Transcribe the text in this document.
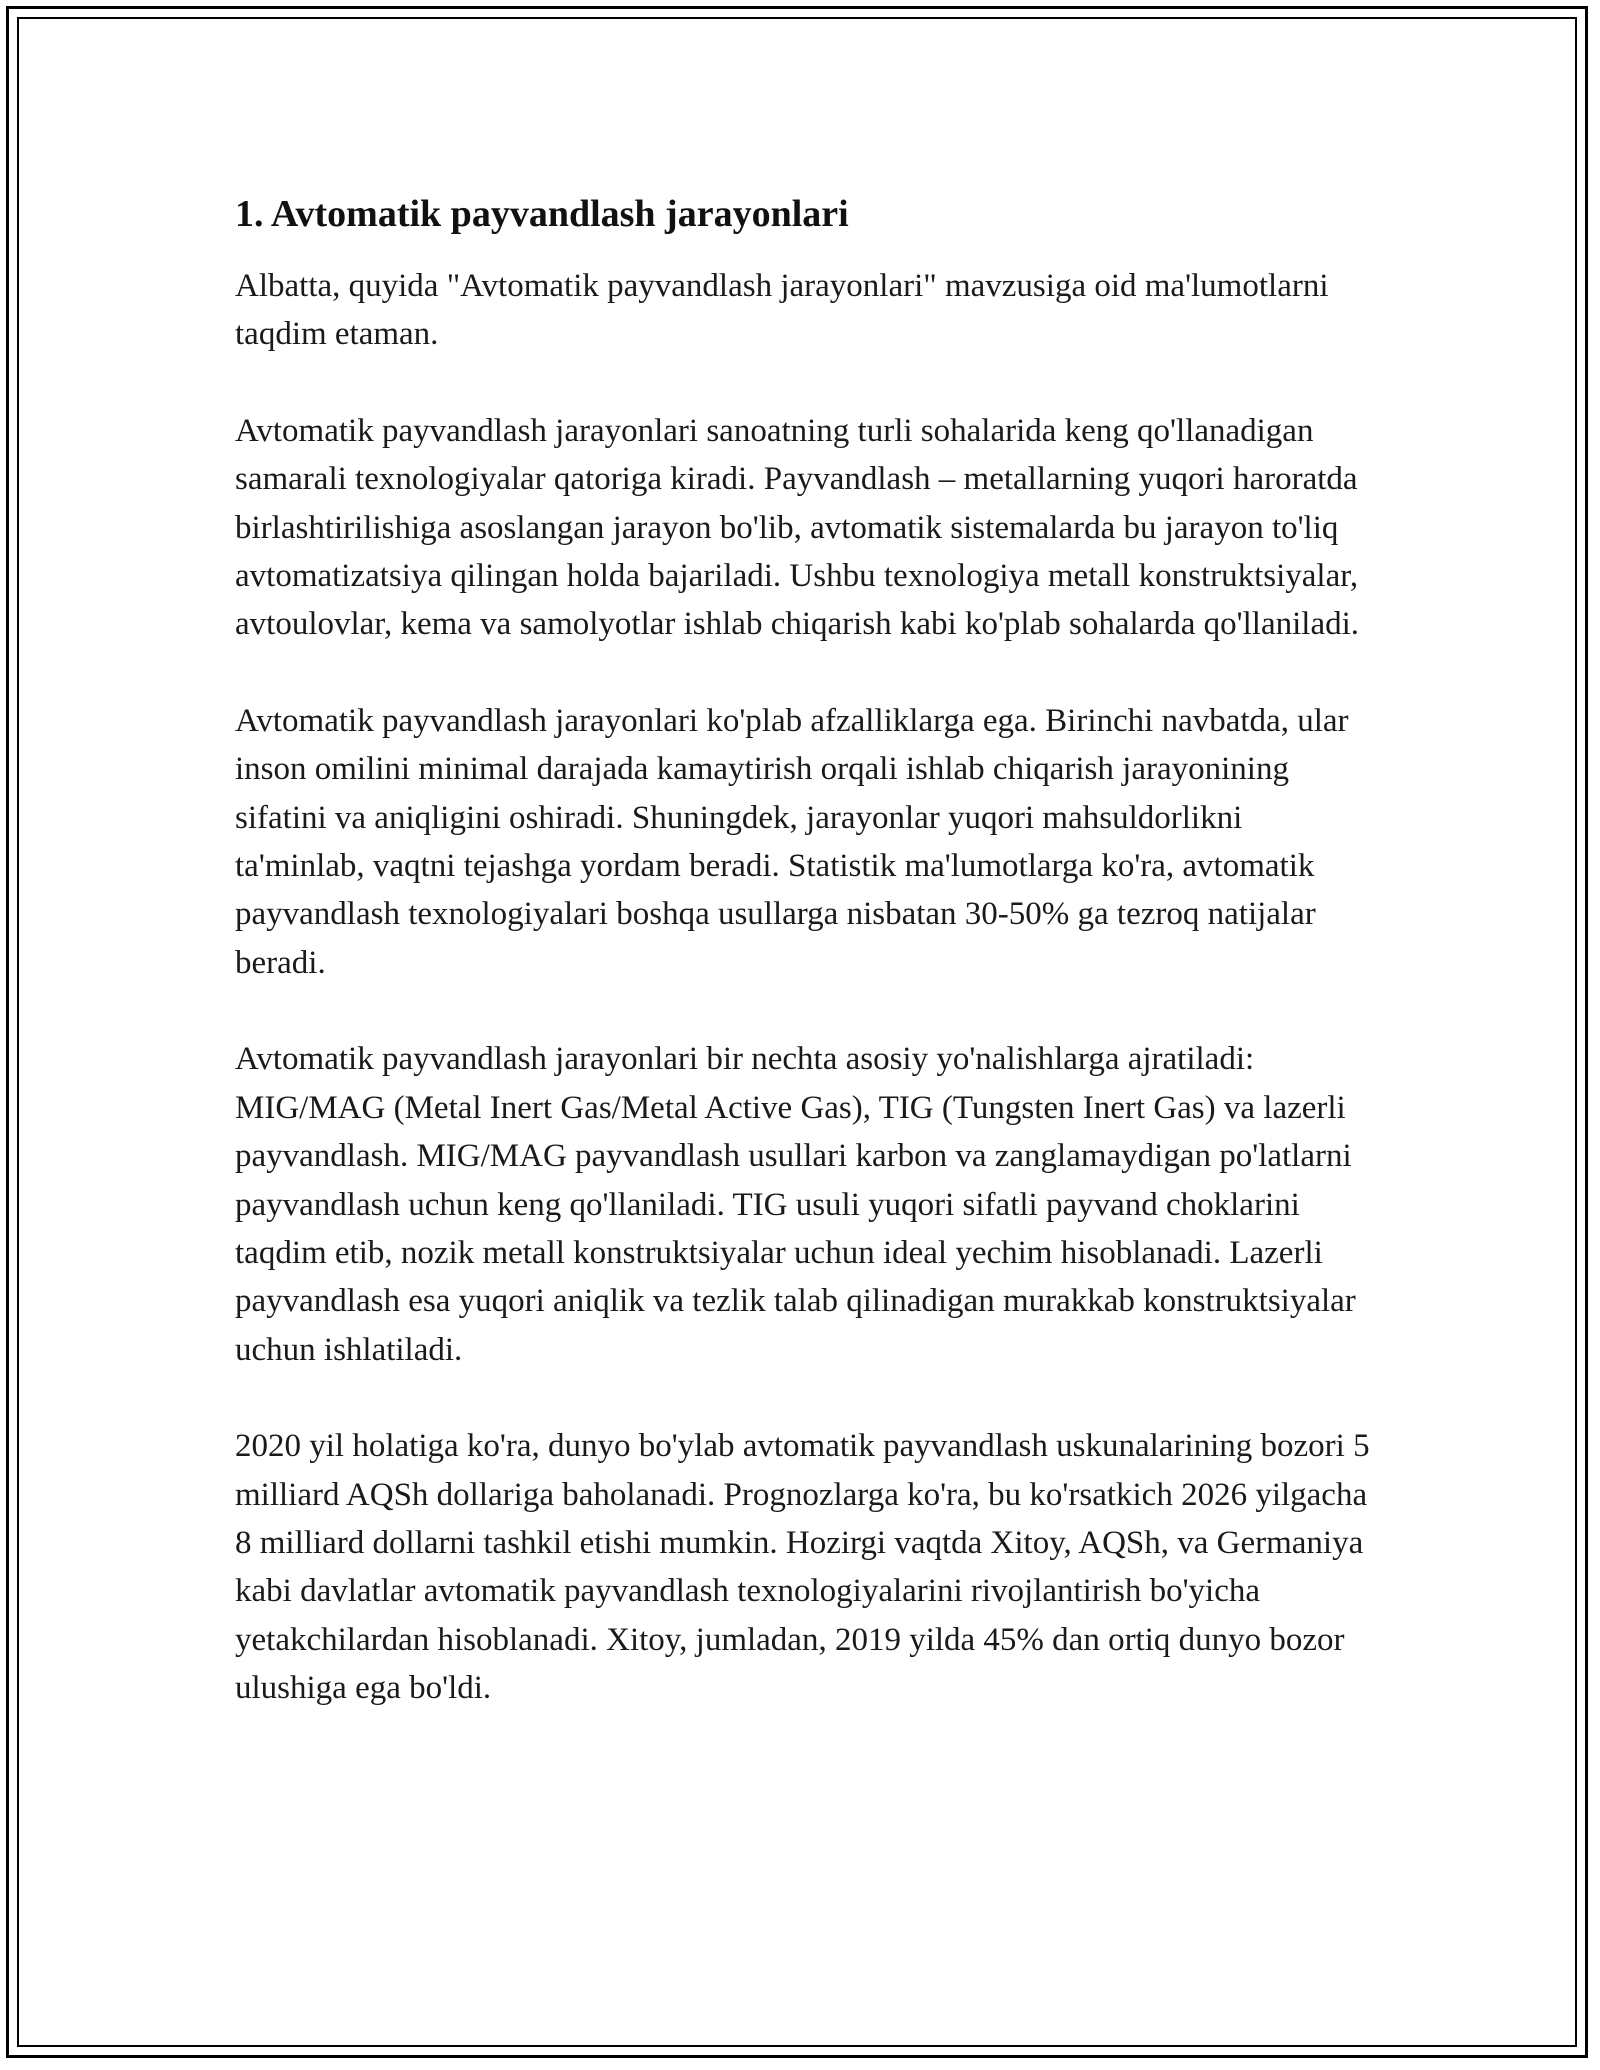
1. Avtomatik payvandlash jarayonlari

Albatta, quyida "Avtomatik payvandlash jarayonlari" mavzusiga oid ma'lumotlarni taqdim etaman.

Avtomatik payvandlash jarayonlari sanoatning turli sohalarida keng qo'llanadigan samarali texnologiyalar qatoriga kiradi. Payvandlash – metallarning yuqori haroratda birlashtirilishiga asoslangan jarayon bo'lib, avtomatik sistemalarda bu jarayon to'liq avtomatizatsiya qilingan holda bajariladi. Ushbu texnologiya metall konstruktsiyalar, avtoulovlar, kema va samolyotlar ishlab chiqarish kabi ko'plab sohalarda qo'llaniladi.

Avtomatik payvandlash jarayonlari ko'plab afzalliklarga ega. Birinchi navbatda, ular inson omilini minimal darajada kamaytirish orqali ishlab chiqarish jarayonining sifatini va aniqligini oshiradi. Shuningdek, jarayonlar yuqori mahsuldorlikni ta'minlab, vaqtni tejashga yordam beradi. Statistik ma'lumotlarga ko'ra, avtomatik payvandlash texnologiyalari boshqa usullarga nisbatan 30-50% ga tezroq natijalar beradi.

Avtomatik payvandlash jarayonlari bir nechta asosiy yo'nalishlarga ajratiladi: MIG/MAG (Metal Inert Gas/Metal Active Gas), TIG (Tungsten Inert Gas) va lazerli payvandlash. MIG/MAG payvandlash usullari karbon va zanglamaydigan po'latlarni payvandlash uchun keng qo'llaniladi. TIG usuli yuqori sifatli payvand choklarini taqdim etib, nozik metall konstruktsiyalar uchun ideal yechim hisoblanadi. Lazerli payvandlash esa yuqori aniqlik va tezlik talab qilinadigan murakkab konstruktsiyalar uchun ishlatiladi.

2020 yil holatiga ko'ra, dunyo bo'ylab avtomatik payvandlash uskunalarining bozori 5 milliard AQSh dollariga baholanadi. Prognozlarga ko'ra, bu ko'rsatkich 2026 yilgacha 8 milliard dollarni tashkil etishi mumkin. Hozirgi vaqtda Xitoy, AQSh, va Germaniya kabi davlatlar avtomatik payvandlash texnologiyalarini rivojlantirish bo'yicha yetakchilardan hisoblanadi. Xitoy, jumladan, 2019 yilda 45% dan ortiq dunyo bozor ulushiga ega bo'ldi.
